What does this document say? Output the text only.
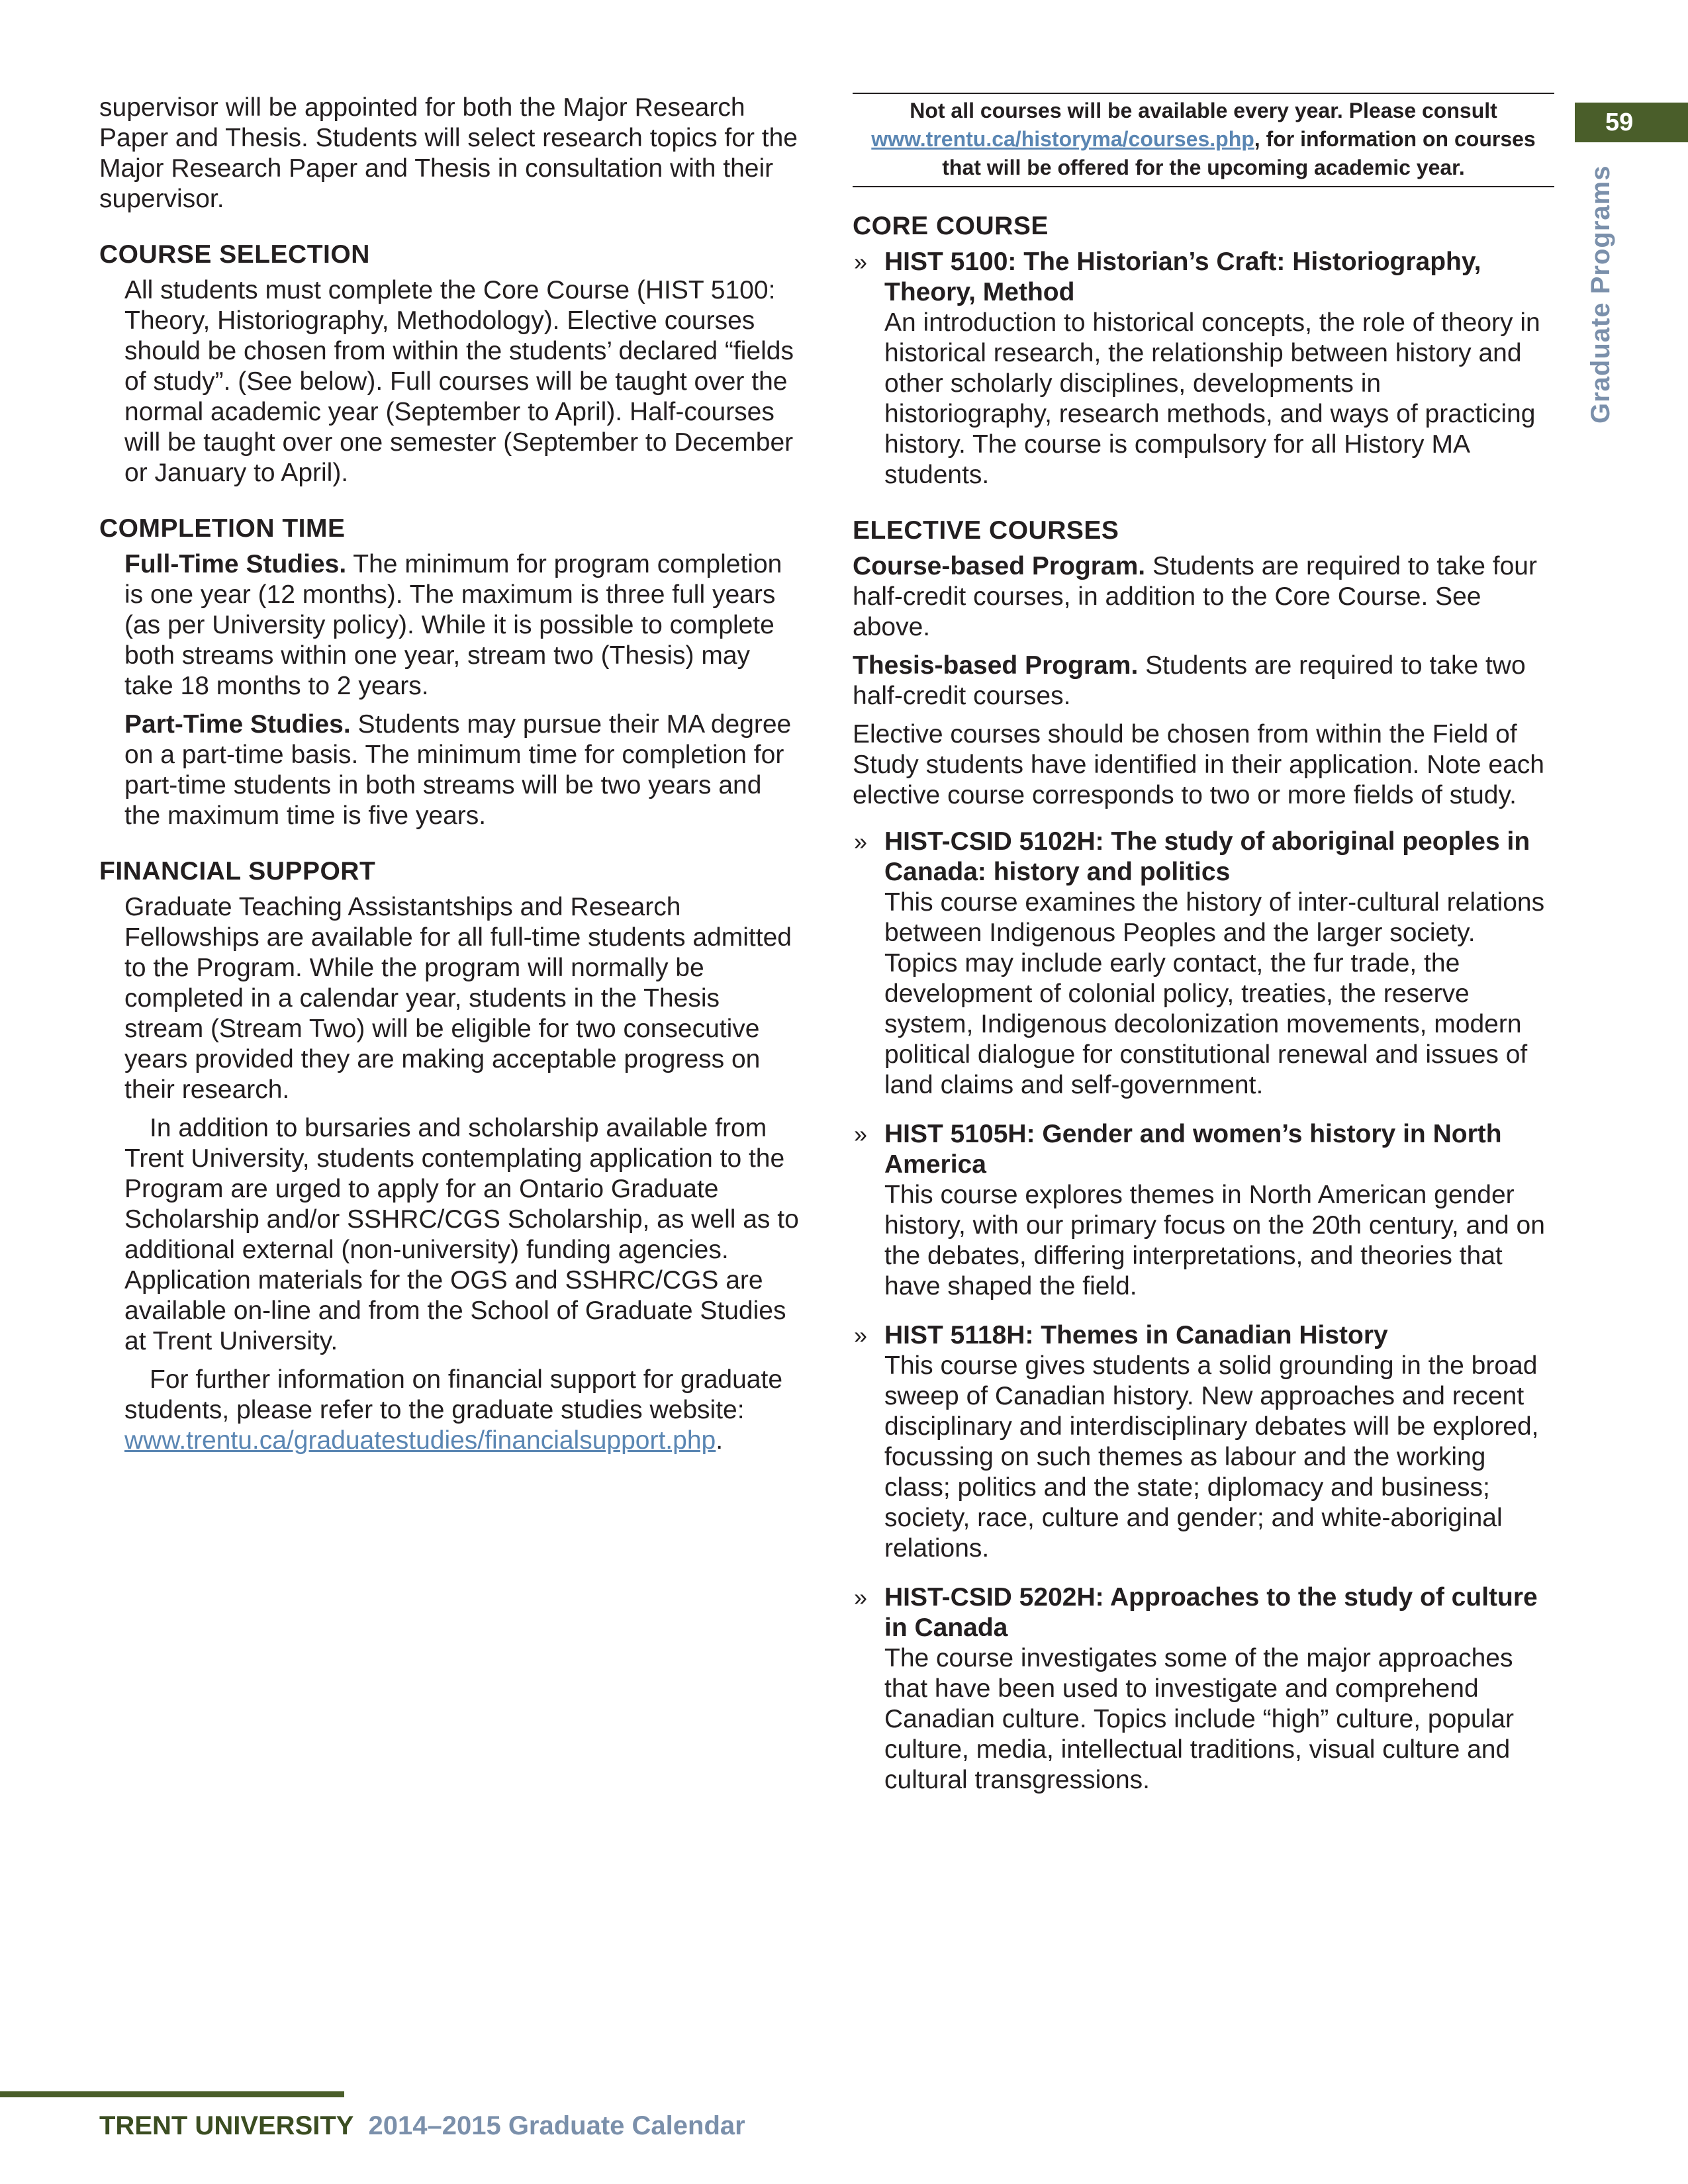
59
Graduate Programs

supervisor will be appointed for both the Major Research Paper and Thesis. Students will select research topics for the Major Research Paper and Thesis in consultation with their supervisor.

COURSE SELECTION

All students must complete the Core Course (HIST 5100: Theory, Historiography, Methodology). Elective courses should be chosen from within the students’ declared “fields of study”. (See below). Full courses will be taught over the normal academic year (September to April). Half-courses will be taught over one semester (September to December or January to April).

COMPLETION TIME

Full-Time Studies. The minimum for program completion is one year (12 months). The maximum is three full years (as per University policy). While it is possible to complete both streams within one year, stream two (Thesis) may take 18 months to 2 years.

Part-Time Studies. Students may pursue their MA degree on a part-time basis. The minimum time for completion for part-time students in both streams will be two years and the maximum time is five years.

FINANCIAL SUPPORT

Graduate Teaching Assistantships and Research Fellowships are available for all full-time students admitted to the Program. While the program will normally be completed in a calendar year, students in the Thesis stream (Stream Two) will be eligible for two consecutive years provided they are making acceptable progress on their research.

In addition to bursaries and scholarship available from Trent University, students contemplating application to the Program are urged to apply for an Ontario Graduate Scholarship and/or SSHRC/CGS Scholarship, as well as to additional external (non-university) funding agencies. Application materials for the OGS and SSHRC/CGS are available on-line and from the School of Graduate Studies at Trent University.

For further information on financial support for graduate students, please refer to the graduate studies website: www.trentu.ca/graduatestudies/financialsupport.php.

Not all courses will be available every year. Please consult www.trentu.ca/historyma/courses.php, for information on courses that will be offered for the upcoming academic year.
CORE COURSE
» HIST 5100: The Historian’s Craft: Historiography, Theory, Method
An introduction to historical concepts, the role of theory in historical research, the relationship between history and other scholarly disciplines, developments in historiography, research methods, and ways of practicing history. The course is compulsory for all History MA students.
ELECTIVE COURSES

Course-based Program. Students are required to take four half-credit courses, in addition to the Core Course. See above.

Thesis-based Program. Students are required to take two half-credit courses.

Elective courses should be chosen from within the Field of Study students have identified in their application. Note each elective course corresponds to two or more fields of study.

» HIST-CSID 5102H: The study of aboriginal peoples in Canada: history and politics
This course examines the history of inter-cultural relations between Indigenous Peoples and the larger society. Topics may include early contact, the fur trade, the development of colonial policy, treaties, the reserve system, Indigenous decolonization movements, modern political dialogue for constitutional renewal and issues of land claims and self-government.
» HIST 5105H: Gender and women’s history in North America
This course explores themes in North American gender history, with our primary focus on the 20th century, and on the debates, differing interpretations, and theories that have shaped the field.
» HIST 5118H: Themes in Canadian History
This course gives students a solid grounding in the broad sweep of Canadian history. New approaches and recent disciplinary and interdisciplinary debates will be explored, focussing on such themes as labour and the working class; politics and the state; diplomacy and business; society, race, culture and gender; and white-aboriginal relations.
» HIST-CSID 5202H: Approaches to the study of culture in Canada
The course investigates some of the major approaches that have been used to investigate and comprehend Canadian culture. Topics include “high” culture, popular culture, media, intellectual traditions, visual culture and cultural transgressions.
TRENT UNIVERSITY 2014–2015 Graduate Calendar
